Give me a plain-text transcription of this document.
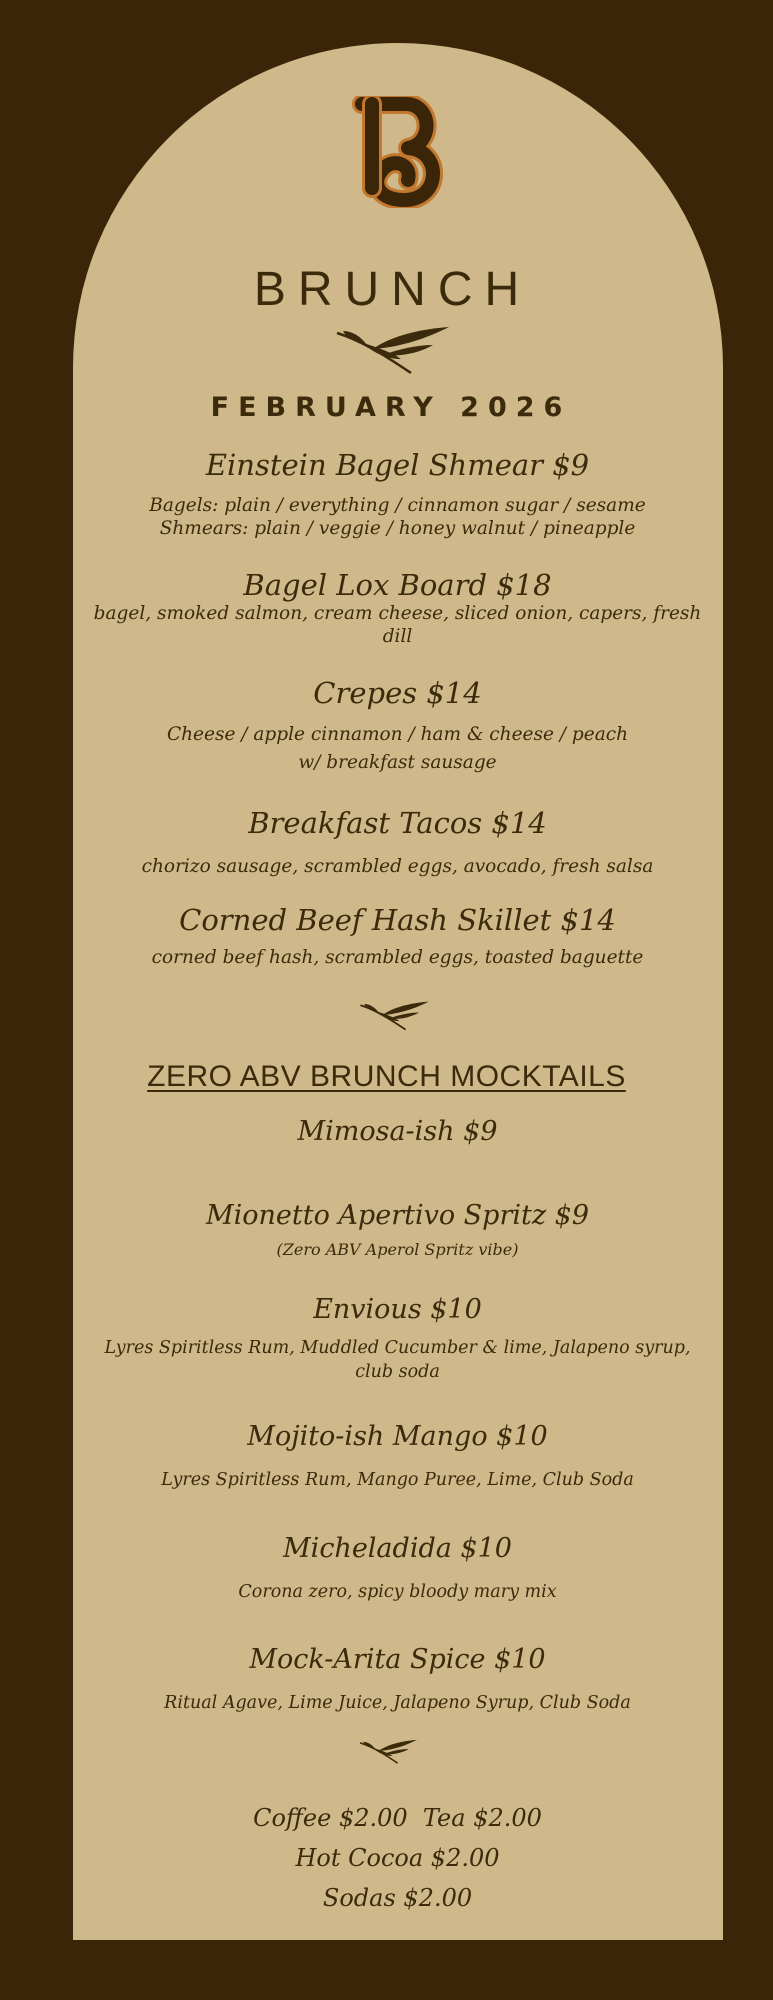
BRUNCH
FEBRUARY 2026
Einstein Bagel Shmear $9
Bagels: plain / everything / cinnamon sugar / sesame
Shmears: plain / veggie / honey walnut / pineapple
Bagel Lox Board $18
bagel, smoked salmon, cream cheese, sliced onion, capers, fresh dill
Crepes $14
Cheese / apple cinnamon / ham & cheese / peach
w/ breakfast sausage
Breakfast Tacos $14
chorizo sausage, scrambled eggs, avocado, fresh salsa
Corned Beef Hash Skillet $14
corned beef hash, scrambled eggs, toasted baguette
ZERO ABV BRUNCH MOCKTAILS
Mimosa-ish $9
Mionetto Apertivo Spritz $9
(Zero ABV Aperol Spritz vibe)
Envious $10
Lyres Spiritless Rum, Muddled Cucumber & lime, Jalapeno syrup, club soda
Mojito-ish Mango $10
Lyres Spiritless Rum, Mango Puree, Lime, Club Soda
Micheladida $10
Corona zero, spicy bloody mary mix
Mock-Arita Spice $10
Ritual Agave, Lime Juice, Jalapeno Syrup, Club Soda
Coffee $2.00  Tea $2.00
Hot Cocoa $2.00
Sodas $2.00
